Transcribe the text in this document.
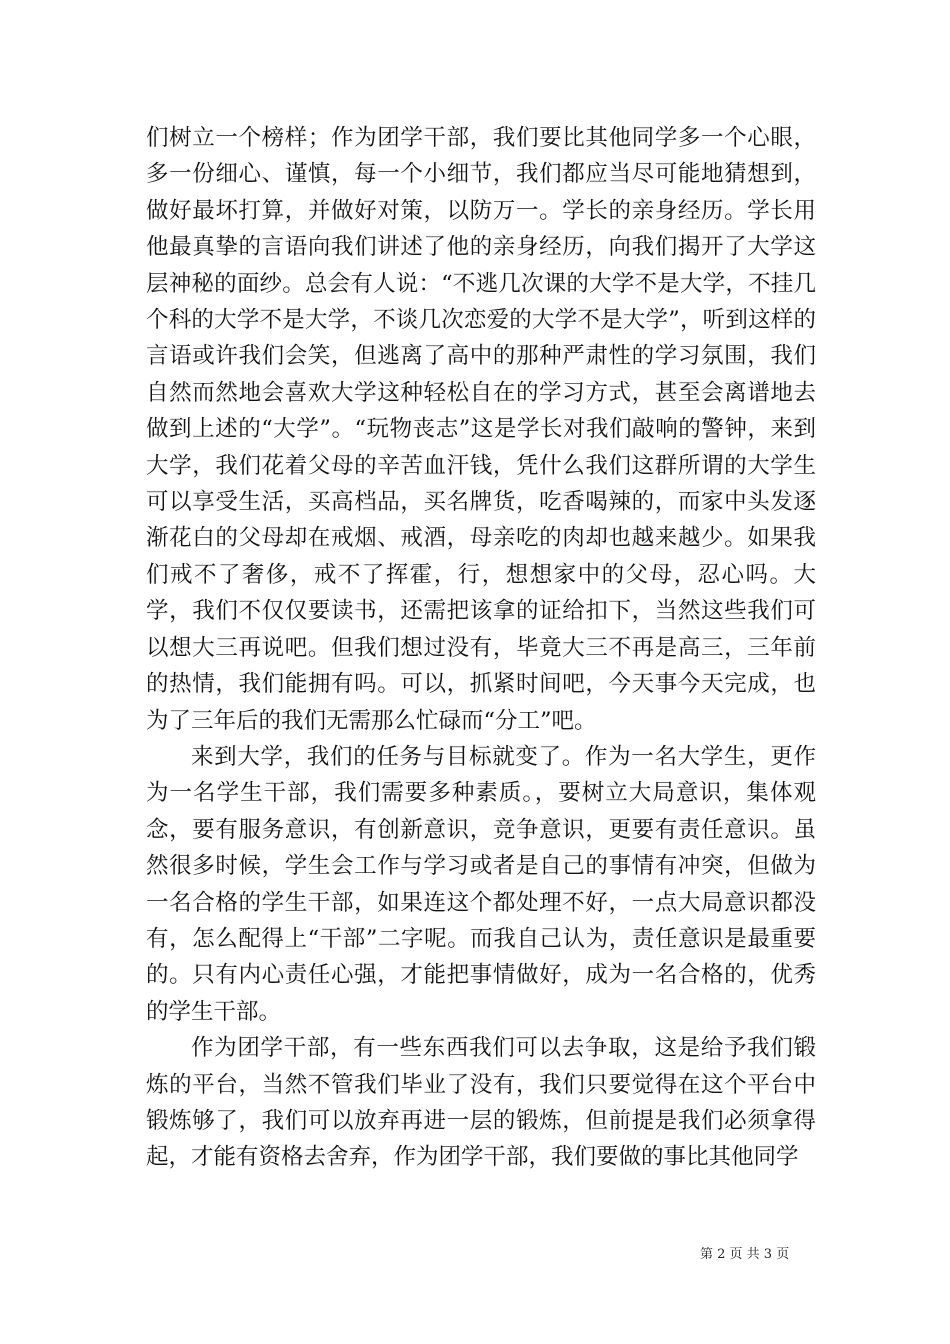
们树立一个榜样；作为团学干部，我们要比其他同学多一个心眼，多一份细心、谨慎，每一个小细节，我们都应当尽可能地猜想到，做好最坏打算，并做好对策，以防万一。学长的亲身经历。学长用他最真挚的言语向我们讲述了他的亲身经历，向我们揭开了大学这层神秘的面纱。总会有人说：“不逃几次课的大学不是大学，不挂几个科的大学不是大学，不谈几次恋爱的大学不是大学”，听到这样的言语或许我们会笑，但逃离了高中的那种严肃性的学习氛围，我们自然而然地会喜欢大学这种轻松自在的学习方式，甚至会离谱地去做到上述的“大学”。“玩物丧志”这是学长对我们敲响的警钟，来到大学，我们花着父母的辛苦血汗钱，凭什么我们这群所谓的大学生可以享受生活，买高档品，买名牌货，吃香喝辣的，而家中头发逐渐花白的父母却在戒烟、戒酒，母亲吃的肉却也越来越少。如果我们戒不了奢侈，戒不了挥霍，行，想想家中的父母，忍心吗。大学，我们不仅仅要读书，还需把该拿的证给扣下，当然这些我们可以想大三再说吧。但我们想过没有，毕竟大三不再是高三，三年前的热情，我们能拥有吗。可以，抓紧时间吧，今天事今天完成，也为了三年后的我们无需那么忙碌而“分工”吧。

来到大学，我们的任务与目标就变了。作为一名大学生，更作为一名学生干部，我们需要多种素质。，要树立大局意识，集体观念，要有服务意识，有创新意识，竞争意识，更要有责任意识。虽然很多时候，学生会工作与学习或者是自己的事情有冲突，但做为一名合格的学生干部，如果连这个都处理不好，一点大局意识都没有，怎么配得上“干部”二字呢。而我自己认为，责任意识是最重要的。只有内心责任心强，才能把事情做好，成为一名合格的，优秀的学生干部。

作为团学干部，有一些东西我们可以去争取，这是给予我们锻炼的平台，当然不管我们毕业了没有，我们只要觉得在这个平台中锻炼够了，我们可以放弃再进一层的锻炼，但前提是我们必须拿得起，才能有资格去舍弃，作为团学干部，我们要做的事比其他同学

第 2 页 共 3 页
